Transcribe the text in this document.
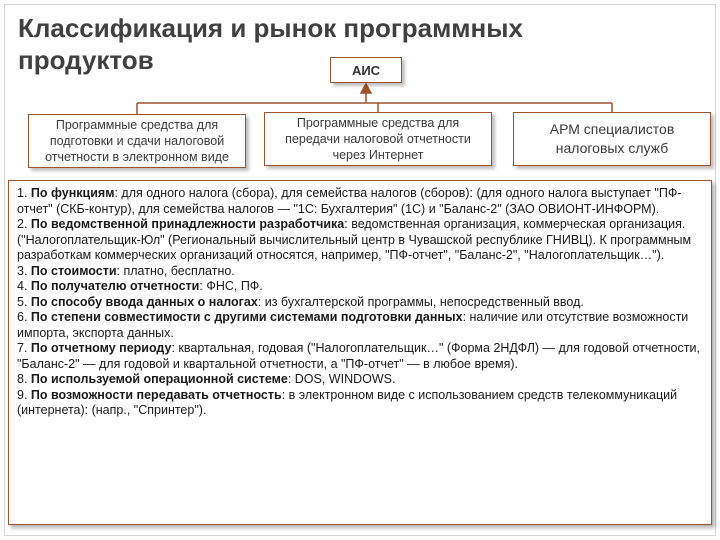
Классификация и рынок программных продуктов	АИС
Программные средства для подготовки и сдачи налоговой отчетности в электронном виде
Программные средства для передачи налоговой отчетности через Интернет
АРМ специалистов налоговых служб

1. По функциям: для одного налога (сбора), для семейства налогов (сборов): (для одного налога выступает "ПФ-отчет" (СКБ-контур), для семейства налогов — "1С: Бухгалтерия" (1С) и "Баланс-2" (ЗАО ОВИОНТ-ИНФОРМ).

2. По ведомственной принадлежности разработчика: ведомственная организация, коммерческая организация. ("Налогоплательщик-Юл" (Региональный вычислительный центр в Чувашской республике ГНИВЦ). К программным разработкам коммерческих организаций относятся, например, "ПФ-отчет", "Баланс-2", "Налогоплательщик…").

3. По стоимости: платно, бесплатно.

4. По получателю отчетности: ФНС, ПФ.

5. По способу ввода данных о налогах: из бухгалтерской программы, непосредственный ввод.

6. По степени совместимости с другими системами подготовки данных: наличие или отсутствие возможности импорта, экспорта данных.

7. По отчетному периоду: квартальная, годовая ("Налогоплательщик…" (Форма 2НДФЛ) — для годовой отчетности, "Баланс-2" — для годовой и квартальной отчетности, а "ПФ-отчет" — в любое время).

8. По используемой операционной системе: DOS, WINDOWS.

9. По возможности передавать отчетность: в электронном виде с использованием средств телекоммуникаций (интернета): (напр., "Спринтер").
